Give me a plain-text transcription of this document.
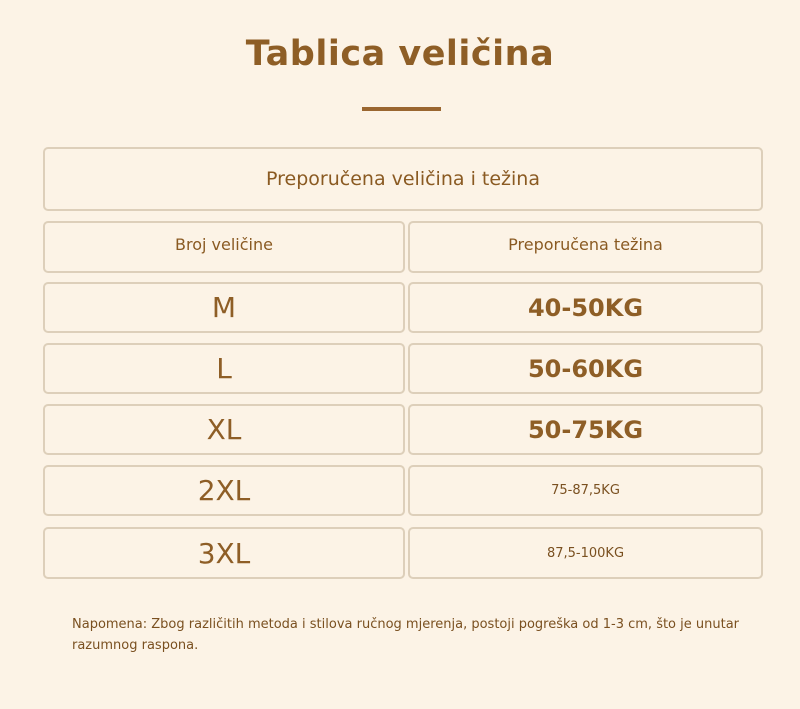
Tablica veličina
Preporučena veličina i težina
Broj veličine	Preporučena težina
M	40-50KG
L	50-60KG
XL	50-75KG
2XL	75-87,5KG
3XL	87,5-100KG
Napomena: Zbog različitih metoda i stilova ručnog mjerenja, postoji pogreška od 1-3 cm, što je unutar razumnog raspona.
